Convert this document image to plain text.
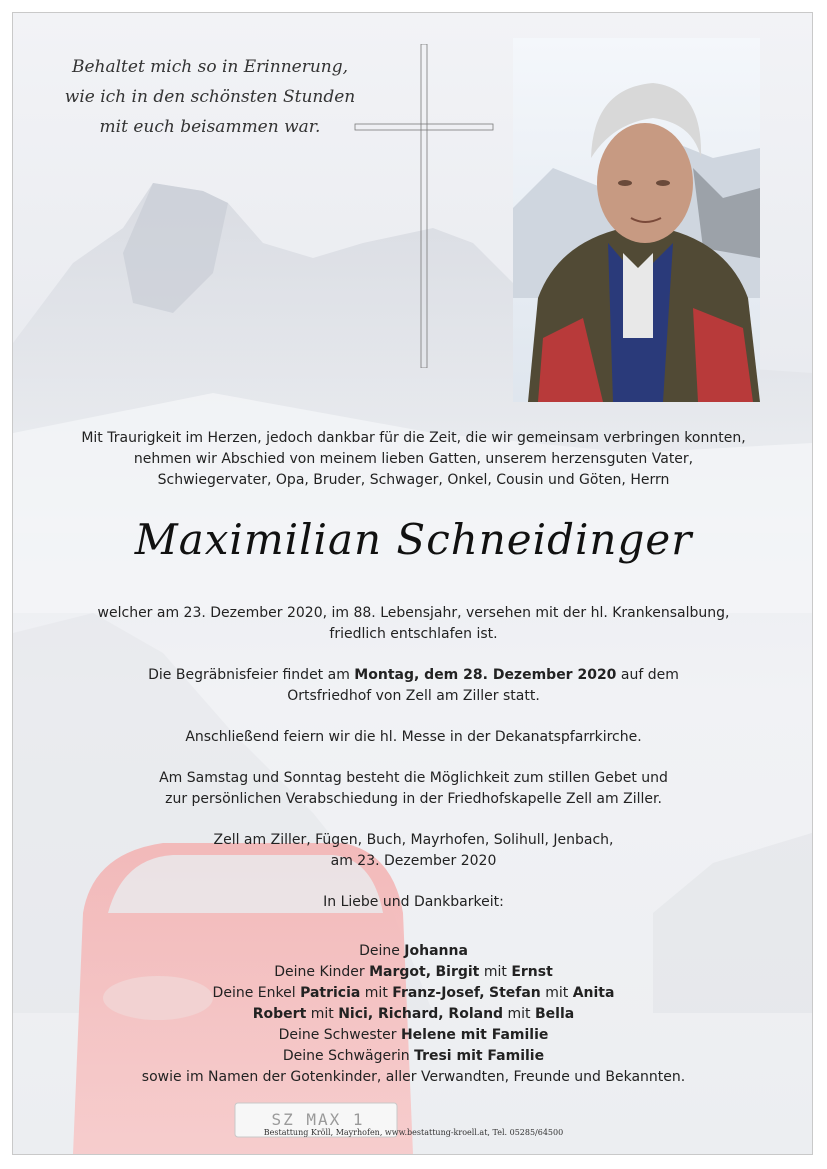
Behaltet mich so in Erinnerung,
wie ich in den schönsten Stunden
mit euch beisammen war.
Mit Traurigkeit im Herzen, jedoch dankbar für die Zeit, die wir gemeinsam verbringen konnten,
nehmen wir Abschied von meinem lieben Gatten, unserem herzensguten Vater,
Schwiegervater, Opa, Bruder, Schwager, Onkel, Cousin und Göten, Herrn
Maximilian Schneidinger

welcher am 23. Dezember 2020, im 88. Lebensjahr, versehen mit der hl. Krankensalbung,
friedlich entschlafen ist.

Die Begräbnisfeier findet am Montag, dem 28. Dezember 2020 auf dem
Ortsfriedhof von Zell am Ziller statt.

Anschließend feiern wir die hl. Messe in der Dekanatspfarrkirche.

Am Samstag und Sonntag besteht die Möglichkeit zum stillen Gebet und
zur persönlichen Verabschiedung in der Friedhofskapelle Zell am Ziller.

Zell am Ziller, Fügen, Buch, Mayrhofen, Solihull, Jenbach,
am 23. Dezember 2020

In Liebe und Dankbarkeit:

Deine Johanna
Deine Kinder Margot, Birgit mit Ernst
Deine Enkel Patricia mit Franz-Josef, Stefan mit Anita
Robert mit Nici, Richard, Roland mit Bella
Deine Schwester Helene mit Familie
Deine Schwägerin Tresi mit Familie
sowie im Namen der Gotenkinder, aller Verwandten, Freunde und Bekannten.
SZ MAX 1
Bestattung Kröll, Mayrhofen, www.bestattung-kroell.at, Tel. 05285/64500
